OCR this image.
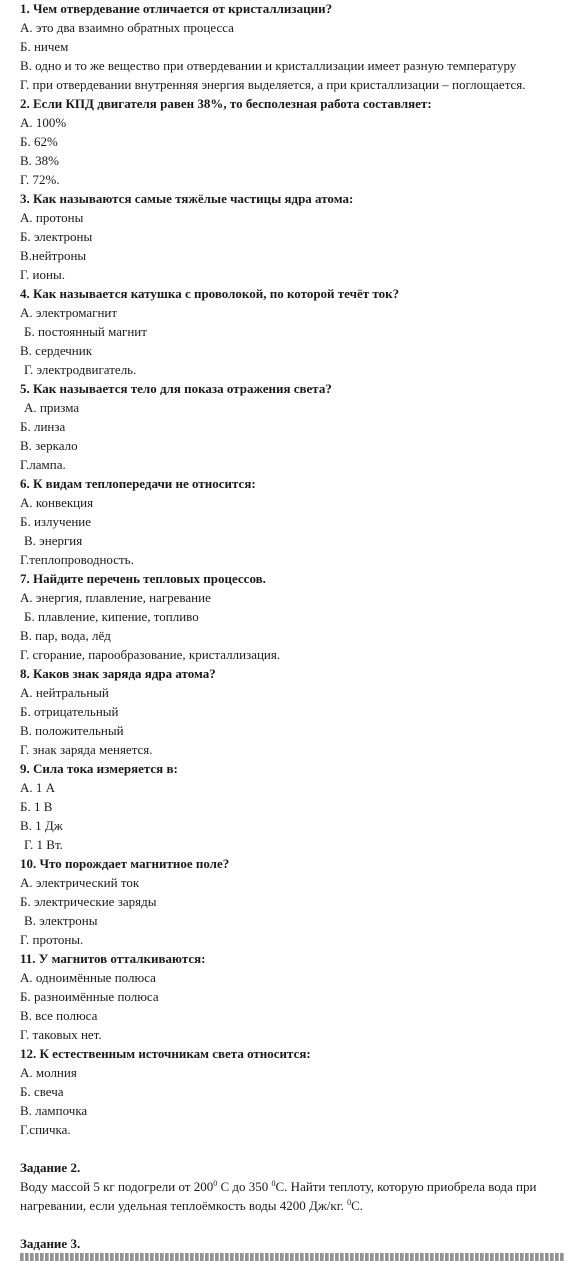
1. Чем отвердевание отличается от кристаллизации?
А. это два взаимно обратных процесса
Б. ничем
В. одно и то же вещество при отвердевании и кристаллизации имеет разную температуру
Г. при отвердевании внутренняя энергия выделяется, а при кристаллизации – поглощается.
2. Если КПД двигателя равен 38%, то бесполезная работа составляет:
А. 100%
Б. 62%
В. 38%
Г. 72%.
3. Как называются самые тяжёлые частицы ядра атома:
А. протоны
Б. электроны
В.нейтроны
Г. ионы.
4. Как называется катушка с проволокой, по которой течёт ток?
А. электромагнит
Б. постоянный магнит
В. сердечник
Г. электродвигатель.
5. Как называется тело для показа отражения света?
А. призма
Б. линза
В. зеркало
Г.лампа.
6. К видам теплопередачи не относится:
А. конвекция
Б. излучение
В. энергия
Г.теплопроводность.
7. Найдите перечень тепловых процессов.
А. энергия, плавление, нагревание
Б. плавление, кипение, топливо
В. пар, вода, лёд
Г. сгорание, парообразование, кристаллизация.
8. Каков знак заряда ядра атома?
А. нейтральный
Б. отрицательный
В. положительный
Г. знак заряда меняется.
9. Сила тока измеряется в:
А. 1 А
Б. 1 В
В. 1 Дж
Г. 1 Вт.
10. Что порождает магнитное поле?
А. электрический ток
Б. электрические заряды
В. электроны
Г. протоны.
11. У магнитов отталкиваются:
А. одноимённые полюса
Б. разноимённые полюса
В. все полюса
Г. таковых нет.
12. К естественным источникам света относится:
А. молния
Б. свеча
В. лампочка
Г.спичка.
Задание 2.
Воду массой 5 кг подогрели от $200^0$ С до 350 $^0$С. Найти теплоту, которую приобрела вода при нагревании, если удельная теплоёмкость воды 4200 Дж/кг. $^0$С.
Задание 3.
